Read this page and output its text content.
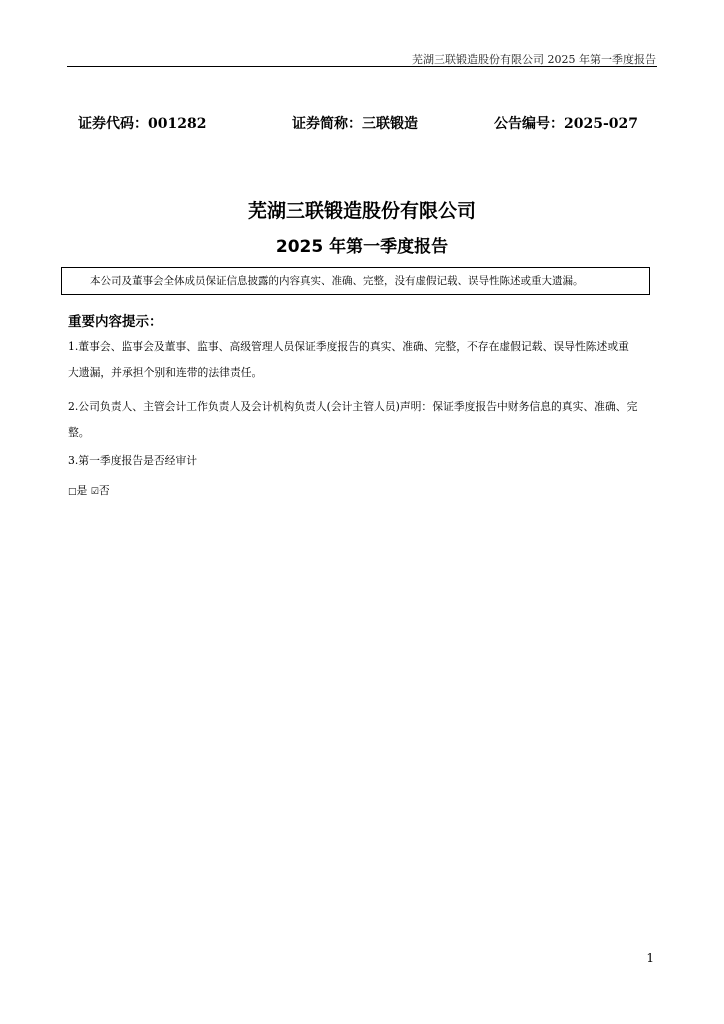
芜湖三联锻造股份有限公司 2025 年第一季度报告
证券代码：001282	证券简称：三联锻造	公告编号：2025-027
芜湖三联锻造股份有限公司
2025 年第一季度报告
本公司及董事会全体成员保证信息披露的内容真实、准确、完整，没有虚假记载、误导性陈述或重大遗漏。
重要内容提示：
1.董事会、监事会及董事、监事、高级管理人员保证季度报告的真实、准确、完整，不存在虚假记载、误导性陈述或重
大遗漏，并承担个别和连带的法律责任。
2.公司负责人、主管会计工作负责人及会计机构负责人(会计主管人员)声明：保证季度报告中财务信息的真实、准确、完
整。
3.第一季度报告是否经审计
□是 ☑否
1
